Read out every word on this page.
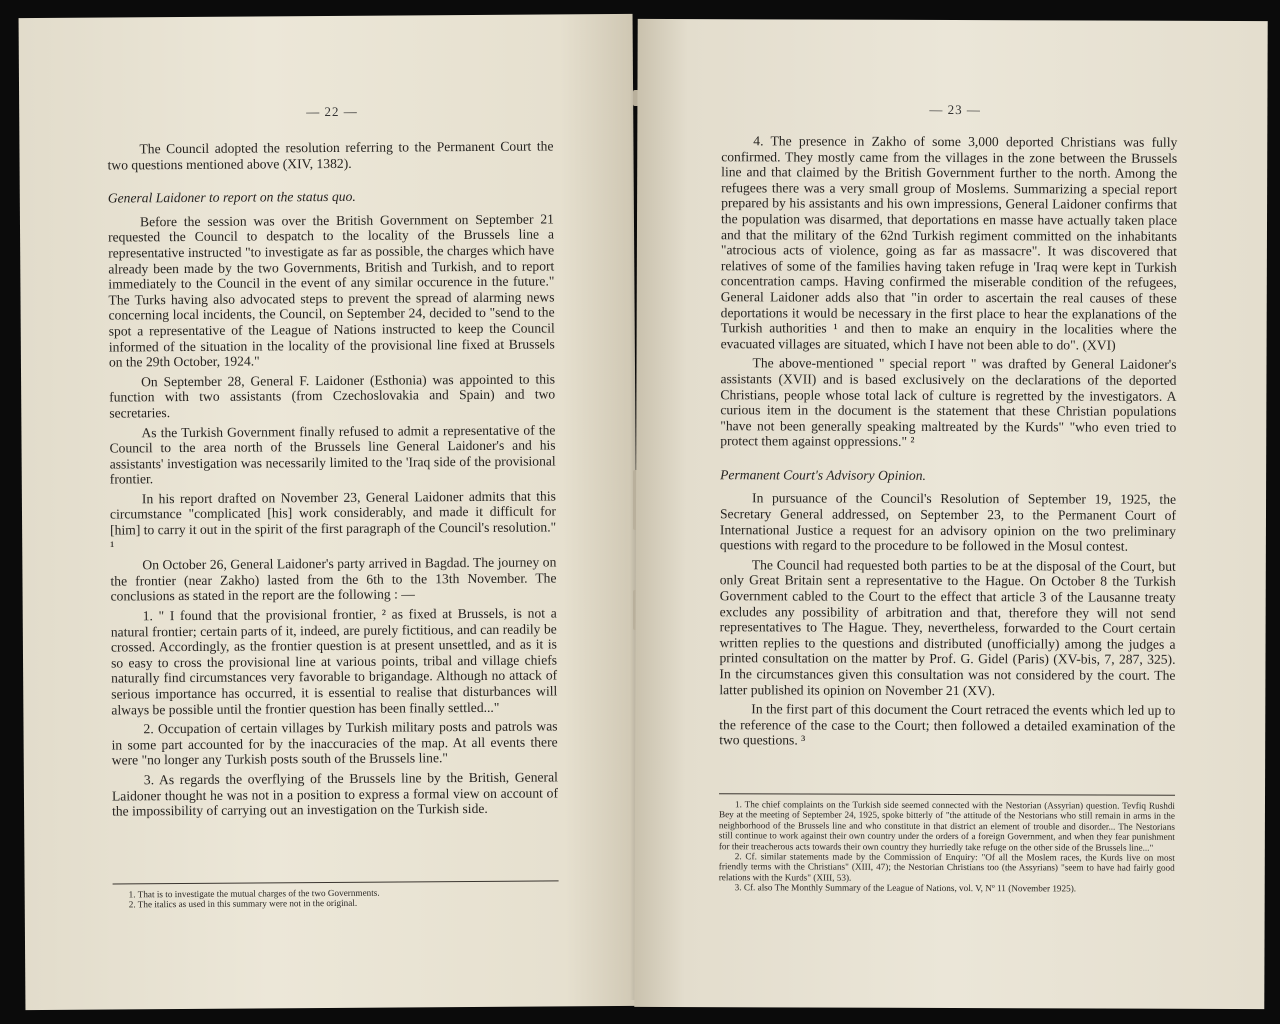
— 22 —

The Council adopted the resolution referring to the Permanent Court the two questions mentioned above (XIV, 1382).

General Laidoner to report on the status quo.

Before the session was over the British Government on September 21 requested the Council to despatch to the locality of the Brussels line a representative instructed "to investigate as far as possible, the charges which have already been made by the two Governments, British and Turkish, and to report immediately to the Council in the event of any similar occurence in the future." The Turks having also advocated steps to prevent the spread of alarming news concerning local incidents, the Council, on September 24, decided to "send to the spot a representative of the League of Nations instructed to keep the Council informed of the situation in the locality of the provisional line fixed at Brussels on the 29th October, 1924."

On September 28, General F. Laidoner (Esthonia) was appointed to this function with two assistants (from Czechoslovakia and Spain) and two secretaries.

As the Turkish Government finally refused to admit a representative of the Council to the area north of the Brussels line General Laidoner's and his assistants' investigation was necessarily limited to the 'Iraq side of the provisional frontier.

In his report drafted on November 23, General Laidoner admits that this circumstance "complicated [his] work considerably, and made it difficult for [him] to carry it out in the spirit of the first paragraph of the Council's resolution." ¹

On October 26, General Laidoner's party arrived in Bagdad. The journey on the frontier (near Zakho) lasted from the 6th to the 13th November. The conclusions as stated in the report are the following : —

1. " I found that the provisional frontier, ² as fixed at Brussels, is not a natural frontier; certain parts of it, indeed, are purely fictitious, and can readily be crossed. Accordingly, as the frontier question is at present unsettled, and as it is so easy to cross the provisional line at various points, tribal and village chiefs naturally find circumstances very favorable to brigandage. Although no attack of serious importance has occurred, it is essential to realise that disturbances will always be possible until the frontier question has been finally settled..."

2. Occupation of certain villages by Turkish military posts and patrols was in some part accounted for by the inaccuracies of the map. At all events there were "no longer any Turkish posts south of the Brussels line."

3. As regards the overflying of the Brussels line by the British, General Laidoner thought he was not in a position to express a formal view on account of the impossibility of carrying out an investigation on the Turkish side.

1. That is to investigate the mutual charges of the two Governments.

2. The italics as used in this summary were not in the original.

— 23 —

4. The presence in Zakho of some 3,000 deported Christians was fully confirmed. They mostly came from the villages in the zone between the Brussels line and that claimed by the British Government further to the north. Among the refugees there was a very small group of Moslems. Summarizing a special report prepared by his assistants and his own impressions, General Laidoner confirms that the population was disarmed, that deportations en masse have actually taken place and that the military of the 62nd Turkish regiment committed on the inhabitants "atrocious acts of violence, going as far as massacre". It was discovered that relatives of some of the families having taken refuge in 'Iraq were kept in Turkish concentration camps. Having confirmed the miserable condition of the refugees, General Laidoner adds also that "in order to ascertain the real causes of these deportations it would be necessary in the first place to hear the explanations of the Turkish authorities ¹ and then to make an enquiry in the localities where the evacuated villages are situated, which I have not been able to do". (XVI)

The above-mentioned " special report " was drafted by General Laidoner's assistants (XVII) and is based exclusively on the declarations of the deported Christians, people whose total lack of culture is regretted by the investigators. A curious item in the document is the statement that these Christian populations "have not been generally speaking maltreated by the Kurds" "who even tried to protect them against oppressions." ²

Permanent Court's Advisory Opinion.

In pursuance of the Council's Resolution of September 19, 1925, the Secretary General addressed, on September 23, to the Permanent Court of International Justice a request for an advisory opinion on the two preliminary questions with regard to the procedure to be followed in the Mosul contest.

The Council had requested both parties to be at the disposal of the Court, but only Great Britain sent a representative to the Hague. On October 8 the Turkish Government cabled to the Court to the effect that article 3 of the Lausanne treaty excludes any possibility of arbitration and that, therefore they will not send representatives to The Hague. They, nevertheless, forwarded to the Court certain written replies to the questions and distributed (unofficially) among the judges a printed consultation on the matter by Prof. G. Gidel (Paris) (XV-bis, 7, 287, 325). In the circumstances given this consultation was not considered by the court. The latter published its opinion on November 21 (XV).

In the first part of this document the Court retraced the events which led up to the reference of the case to the Court; then followed a detailed examination of the two questions. ³

1. The chief complaints on the Turkish side seemed connected with the Nestorian (Assyrian) question. Tevfiq Rushdi Bey at the meeting of September 24, 1925, spoke bitterly of "the attitude of the Nestorians who still remain in arms in the neighborhood of the Brussels line and who constitute in that district an element of trouble and disorder... The Nestorians still continue to work against their own country under the orders of a foreign Government, and when they fear punishment for their treacherous acts towards their own country they hurriedly take refuge on the other side of the Brussels line..."

2. Cf. similar statements made by the Commission of Enquiry: "Of all the Moslem races, the Kurds live on most friendly terms with the Christians" (XIII, 47); the Nestorian Christians too (the Assyrians) "seem to have had fairly good relations with the Kurds" (XIII, 53).

3. Cf. also The Monthly Summary of the League of Nations, vol. V, Nº 11 (November 1925).
